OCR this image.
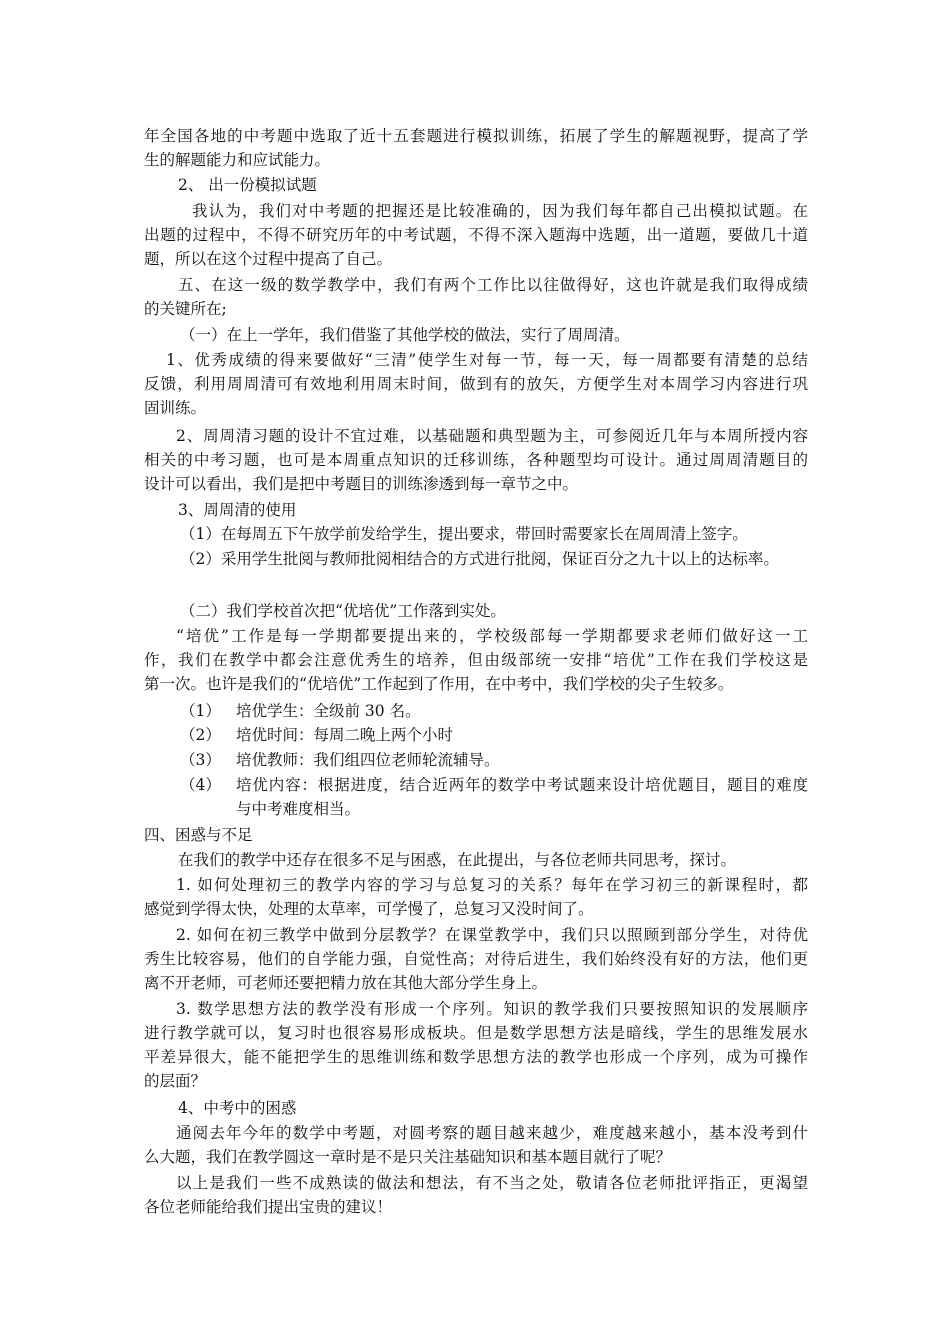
年全国各地的中考题中选取了近十五套题进行模拟训练，拓展了学生的解题视野，提高了学
生的解题能力和应试能力。
2、 出一份模拟试题
我认为，我们对中考题的把握还是比较准确的，因为我们每年都自己出模拟试题。在
出题的过程中，不得不研究历年的中考试题，不得不深入题海中选题，出一道题，要做几十道
题，所以在这个过程中提高了自己。
五、在这一级的数学教学中，我们有两个工作比以往做得好，这也许就是我们取得成绩
的关键所在;
（一）在上一学年，我们借鉴了其他学校的做法，实行了周周清。
1、优秀成绩的得来要做好“三清”使学生对每一节，每一天，每一周都要有清楚的总结
反馈，利用周周清可有效地利用周末时间，做到有的放矢，方便学生对本周学习内容进行巩
固训练。
2、周周清习题的设计不宜过难，以基础题和典型题为主，可参阅近几年与本周所授内容
相关的中考习题，也可是本周重点知识的迁移训练，各种题型均可设计。通过周周清题目的
设计可以看出，我们是把中考题目的训练渗透到每一章节之中。
3、周周清的使用
（1）在每周五下午放学前发给学生，提出要求，带回时需要家长在周周清上签字。
（2）采用学生批阅与教师批阅相结合的方式进行批阅，保证百分之九十以上的达标率。
（二）我们学校首次把“优培优”工作落到实处。
“培优”工作是每一学期都要提出来的，学校级部每一学期都要求老师们做好这一工
作，我们在教学中都会注意优秀生的培养，但由级部统一安排“培优”工作在我们学校这是
第一次。也许是我们的“优培优”工作起到了作用，在中考中，我们学校的尖子生较多。
（1） 培优学生：全级前 30 名。
（2） 培优时间：每周二晚上两个小时
（3） 培优教师：我们组四位老师轮流辅导。
（4） 培优内容：根据进度，结合近两年的数学中考试题来设计培优题目，题目的难度
与中考难度相当。
四、困惑与不足
在我们的教学中还存在很多不足与困惑，在此提出，与各位老师共同思考，探讨。
1. 如何处理初三的教学内容的学习与总复习的关系？每年在学习初三的新课程时，都
感觉到学得太快，处理的太草率，可学慢了，总复习又没时间了。
2. 如何在初三教学中做到分层教学？在课堂教学中，我们只以照顾到部分学生，对待优
秀生比较容易，他们的自学能力强，自觉性高；对待后进生，我们始终没有好的方法，他们更
离不开老师，可老师还要把精力放在其他大部分学生身上。
3. 数学思想方法的教学没有形成一个序列。知识的教学我们只要按照知识的发展顺序
进行教学就可以，复习时也很容易形成板块。但是数学思想方法是暗线，学生的思维发展水
平差异很大，能不能把学生的思维训练和数学思想方法的教学也形成一个序列，成为可操作
的层面？
4、中考中的困惑
通阅去年今年的数学中考题，对圆考察的题目越来越少，难度越来越小，基本没考到什
么大题，我们在教学圆这一章时是不是只关注基础知识和基本题目就行了呢？
以上是我们一些不成熟读的做法和想法，有不当之处，敬请各位老师批评指正，更渴望
各位老师能给我们提出宝贵的建议！
